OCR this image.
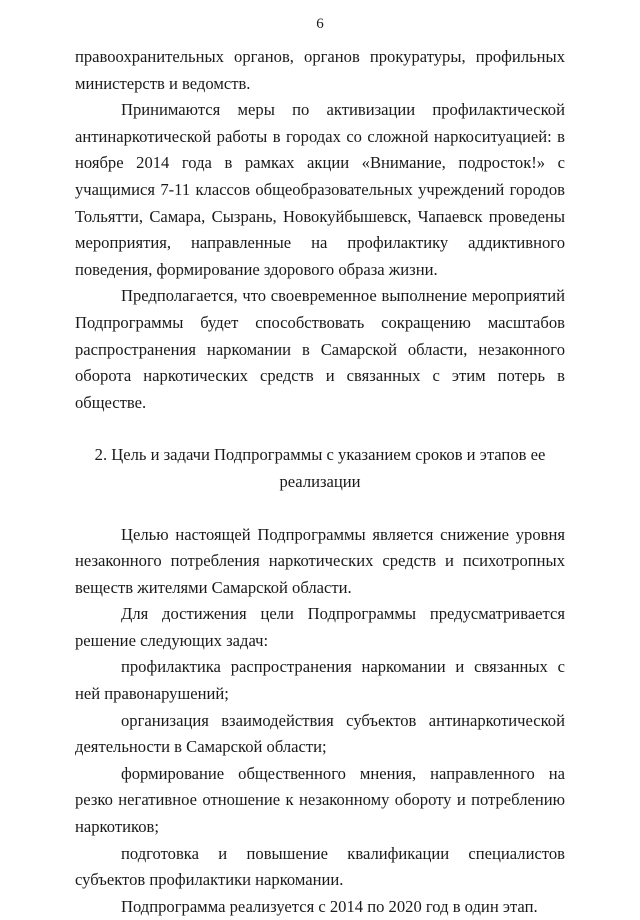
6

правоохранительных органов, органов прокуратуры, профильных министерств и ведомств.

Принимаются меры по активизации профилактической антинаркотической работы в городах со сложной наркоситуацией: в ноябре 2014 года в рамках акции «Внимание, подросток!» с учащимися 7-11 классов общеобразовательных учреждений городов Тольятти, Самара, Сызрань, Новокуйбышевск, Чапаевск проведены мероприятия, направленные на профилактику аддиктивного поведения, формирование здорового образа жизни.

Предполагается, что своевременное выполнение мероприятий Подпрограммы будет способствовать сокращению масштабов распространения наркомании в Самарской области, незаконного оборота наркотических средств и связанных с этим потерь в обществе.

2. Цель и задачи Подпрограммы с указанием сроков и этапов ее реализации

Целью настоящей Подпрограммы является снижение уровня незаконного потребления наркотических средств и психотропных веществ жителями Самарской области.

Для достижения цели Подпрограммы предусматривается решение следующих задач:

профилактика распространения наркомании и связанных с ней правонарушений;

организация взаимодействия субъектов антинаркотической деятельности в Самарской области;

формирование общественного мнения, направленного на резко негативное отношение к незаконному обороту и потреблению наркотиков;

подготовка и повышение квалификации специалистов субъектов профилактики наркомании.

Подпрограмма реализуется с 2014 по 2020 год в один этап.
